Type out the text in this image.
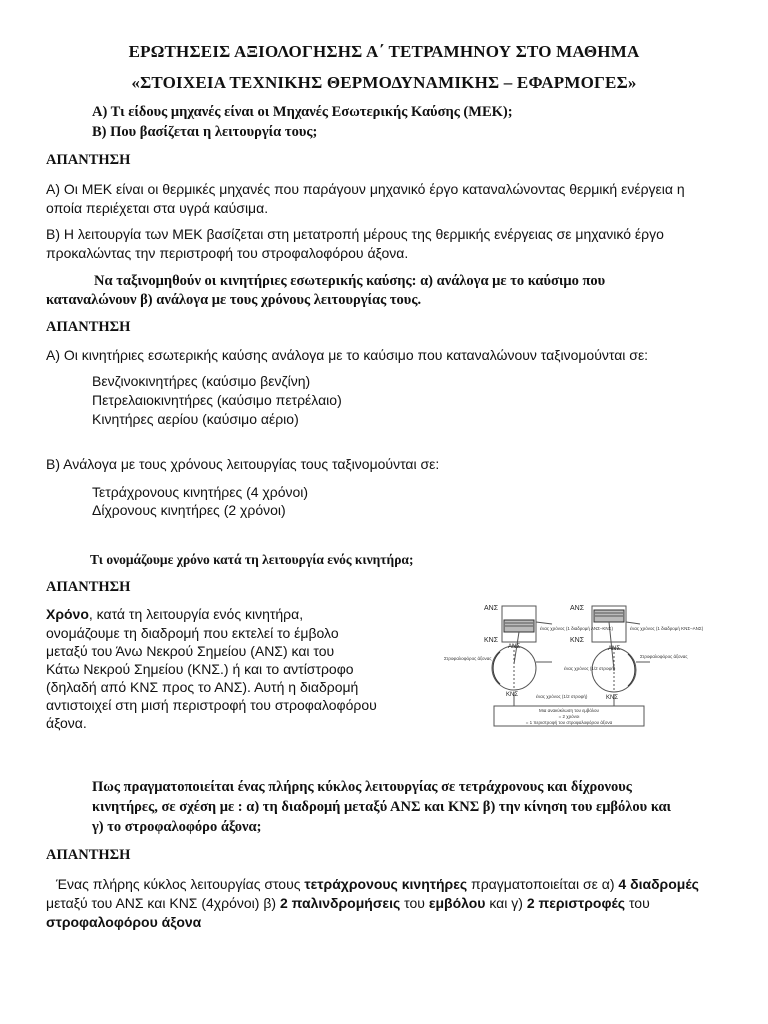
ΕΡΩΤΗΣΕΙΣ ΑΞΙΟΛΟΓΗΣΗΣ Α΄ ΤΕΤΡΑΜΗΝΟΥ ΣΤΟ ΜΑΘΗΜΑ
«ΣΤΟΙΧΕΙΑ ΤΕΧΝΙΚΗΣ ΘΕΡΜΟΔΥΝΑΜΙΚΗΣ – ΕΦΑΡΜΟΓΕΣ»
Α) Τι είδους μηχανές είναι οι Μηχανές Εσωτερικής Καύσης (ΜΕΚ);
Β) Που βασίζεται η λειτουργία τους;
ΑΠΑΝΤΗΣΗ
Α) Οι ΜΕΚ είναι οι θερμικές μηχανές που παράγουν μηχανικό έργο καταναλώνοντας θερμική ενέργεια η
οποία περιέχεται στα υγρά καύσιμα.
Β) Η λειτουργία των ΜΕΚ βασίζεται στη μετατροπή μέρους της θερμικής ενέργειας σε μηχανικό έργο
προκαλώντας την περιστροφή του στροφαλοφόρου άξονα.
Να ταξινομηθούν οι κινητήριες εσωτερικής καύσης: α) ανάλογα με το καύσιμο που
καταναλώνουν β) ανάλογα με τους χρόνους λειτουργίας τους.
ΑΠΑΝΤΗΣΗ
Α) Οι κινητήριες εσωτερικής καύσης ανάλογα με το καύσιμο που καταναλώνουν ταξινομούνται σε:
Βενζινοκινητήρες (καύσιμο βενζίνη)
Πετρελαιοκινητήρες (καύσιμο πετρέλαιο)
Κινητήρες αερίου (καύσιμο αέριο)
Β) Ανάλογα με τους χρόνους λειτουργίας τους ταξινομούνται σε:
Τετράχρονους κινητήρες (4 χρόνοι)
Δίχρονους κινητήρες (2 χρόνοι)
Τι ονομάζουμε χρόνο κατά τη λειτουργία ενός κινητήρα;
ΑΠΑΝΤΗΣΗ
Χρόνο, κατά τη λειτουργία ενός κινητήρα,
ονομάζουμε τη διαδρομή που εκτελεί το έμβολο
μεταξύ του Άνω Νεκρού Σημείου (ΑΝΣ) και του
Κάτω Νεκρού Σημείου (ΚΝΣ.) ή και το αντίστροφο
(δηλαδή από ΚΝΣ προς το ΑΝΣ). Αυτή η διαδρομή
αντιστοιχεί στη μισή περιστροφή του στροφαλοφόρου
άξονα.
ΑΝΣ
ΚΝΣ
ΑΝΣ
ΚΝΣ
ΑΝΣ
ΚΝΣ
ΑΝΣ
ΚΝΣ
ένας χρόνος (1 διαδρομή ΑΝΣ–ΚΝΣ)	ένας χρόνος (1 διαδρομή ΚΝΣ–ΑΝΣ)
Στροφαλοφόρος άξονας	Στροφαλοφόρος άξονας
ένας χρόνος (1/2 στροφή)
ένας χρόνος (1/2 στροφή)
Μια ανακύκλωση του εμβόλου
= 2 χρόνοι
= 1 περιστροφή του στροφαλοφόρου άξονα
Πως πραγματοποιείται ένας πλήρης κύκλος λειτουργίας σε τετράχρονους και δίχρονους
κινητήρες, σε σχέση με : α) τη διαδρομή μεταξύ ΑΝΣ και ΚΝΣ β) την κίνηση του εμβόλου και
γ) το στροφαλοφόρο άξονα;
ΑΠΑΝΤΗΣΗ
Ένας πλήρης κύκλος λειτουργίας στους τετράχρονους κινητήρες πραγματοποιείται σε α) 4 διαδρομές
μεταξύ του ΑΝΣ και ΚΝΣ (4χρόνοι) β) 2 παλινδρομήσεις του εμβόλου και γ) 2 περιστροφές του
στροφαλοφόρου άξονα
